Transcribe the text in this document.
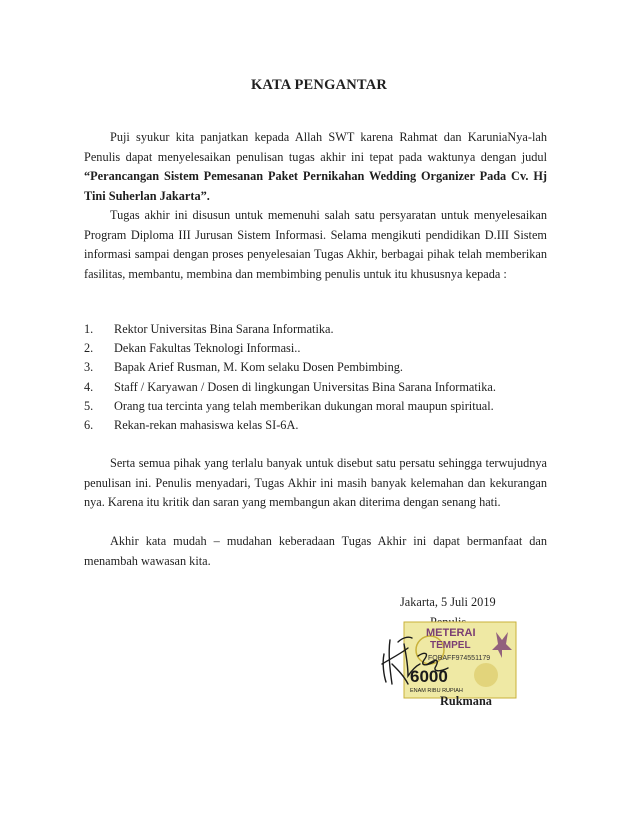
KATA PENGANTAR
Puji syukur kita panjatkan kepada Allah SWT karena Rahmat dan KaruniaNya-lah Penulis dapat menyelesaikan penulisan tugas akhir ini tepat pada waktunya dengan judul “Perancangan Sistem Pemesanan Paket Pernikahan Wedding Organizer Pada Cv. Hj Tini Suherlan Jakarta”.
Tugas akhir ini disusun untuk memenuhi salah satu persyaratan untuk menyelesaikan Program Diploma III Jurusan Sistem Informasi. Selama mengikuti pendidikan D.III Sistem informasi sampai dengan proses penyelesaian Tugas Akhir, berbagai pihak telah memberikan fasilitas, membantu, membina dan membimbing penulis untuk itu khususnya kepada :
1.	Rektor Universitas Bina Sarana Informatika.
2.	Dekan Fakultas Teknologi Informasi..
3.	Bapak Arief Rusman, M. Kom selaku Dosen Pembimbing.
4.	Staff / Karyawan / Dosen di lingkungan Universitas Bina Sarana Informatika.
5.	Orang tua tercinta yang telah memberikan dukungan moral maupun spiritual.
6.	Rekan-rekan mahasiswa kelas SI-6A.
Serta semua pihak yang terlalu banyak untuk disebut satu persatu sehingga terwujudnya penulisan ini. Penulis menyadari, Tugas Akhir ini masih banyak kelemahan dan kekurangan nya. Karena itu kritik dan saran yang membangun akan diterima dengan senang hati.
Akhir kata mudah – mudahan keberadaan Tugas Akhir ini dapat bermanfaat dan menambah wawasan kita.
Jakarta, 5 Juli 2019
METERAI
TEMPEL
FOBAFF974551179
6000
ENAM RIBU RUPIAH
Rukmana
